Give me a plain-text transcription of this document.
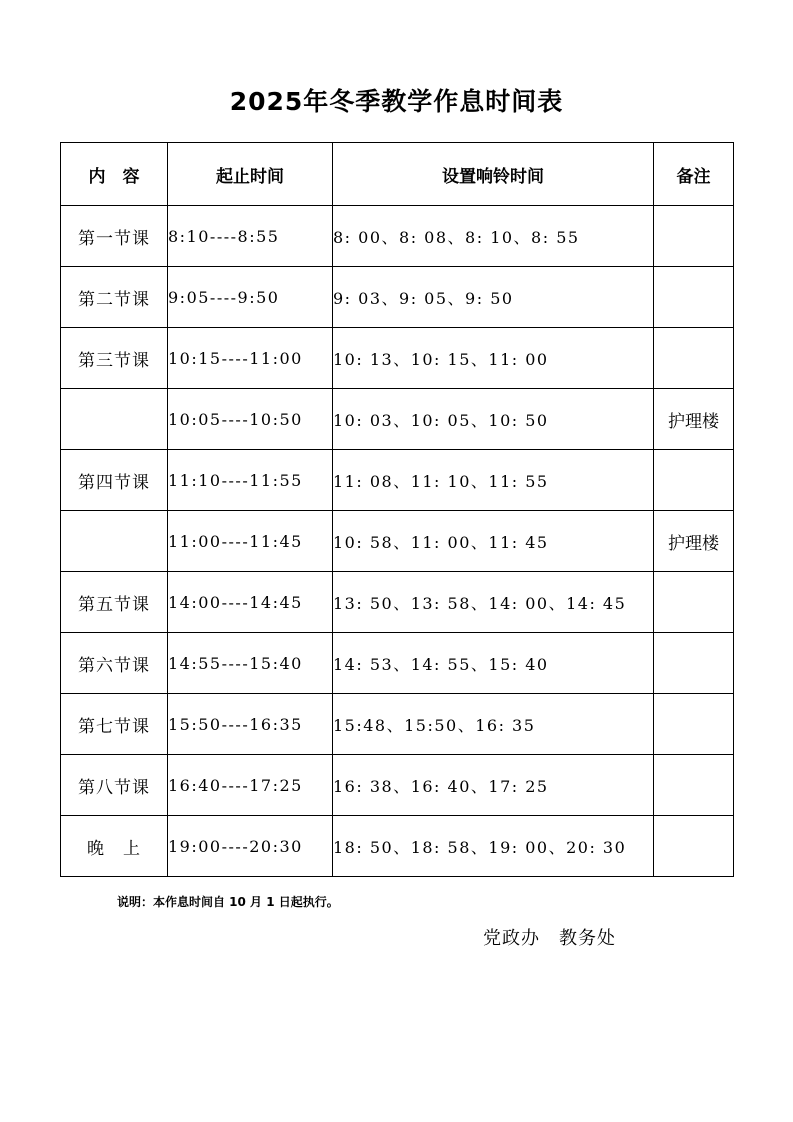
2025年冬季教学作息时间表
内　容	起止时间	设置响铃时间	备注
第一节课	8:10----8:55	8: 00、8: 08、8: 10、8: 55	
第二节课	9:05----9:50	9: 03、9: 05、9: 50	
第三节课	10:15----11:00	10: 13、10: 15、11: 00	
	10:05----10:50	10: 03、10: 05、10: 50	护理楼
第四节课	11:10----11:55	11: 08、11: 10、11: 55	
	11:00----11:45	10: 58、11: 00、11: 45	护理楼
第五节课	14:00----14:45	13: 50、13: 58、14: 00、14: 45	
第六节课	14:55----15:40	14: 53、14: 55、15: 40	
第七节课	15:50----16:35	15:48、15:50、16: 35	
第八节课	16:40----17:25	16: 38、16: 40、17: 25	
晚　上	19:00----20:30	18: 50、18: 58、19: 00、20: 30	

说明：本作息时间自 10 月 1 日起执行。

党政办　教务处
